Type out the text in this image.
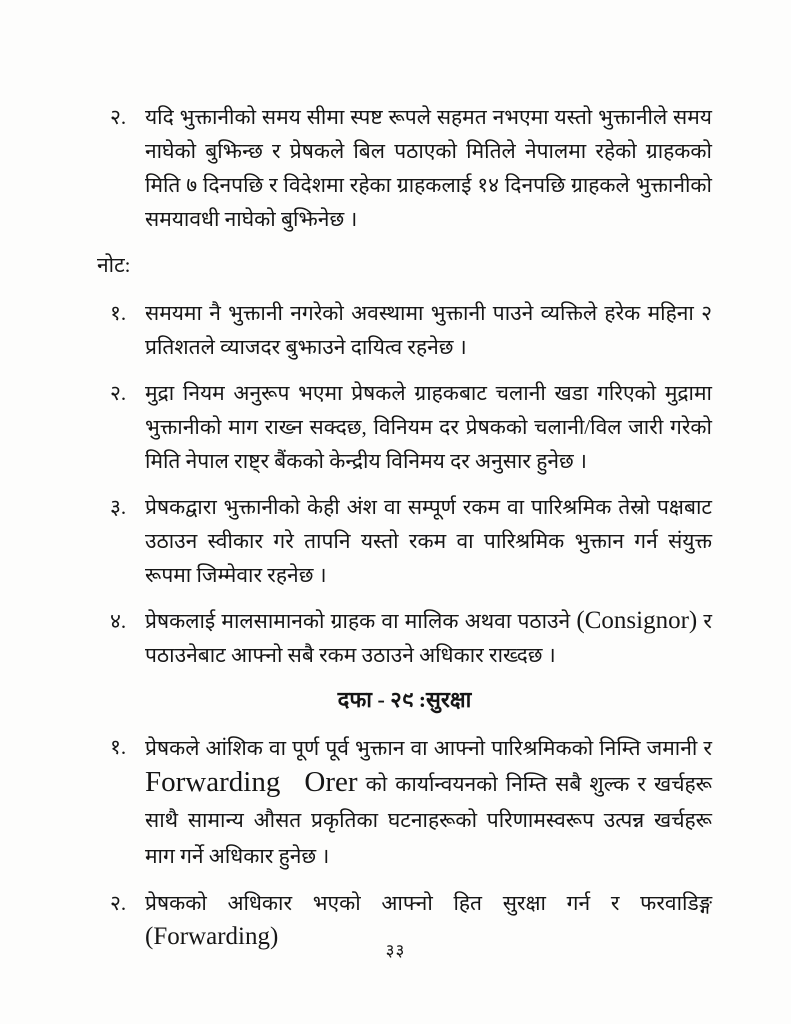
२. यदि भुक्तानीको समय सीमा स्पष्ट रूपले सहमत नभएमा यस्तो भुक्तानीले समय नाघेको बुझिन्छ र प्रेषकले बिल पठाएको मितिले नेपालमा रहेको ग्राहकको मिति ७ दिनपछि र विदेशमा रहेका ग्राहकलाई १४ दिनपछि ग्राहकले भुक्तानीको समयावधी नाघेको बुझिनेछ ।
नोट:
१. समयमा नै भुक्तानी नगरेको अवस्थामा भुक्तानी पाउने व्यक्तिले हरेक महिना २ प्रतिशतले व्याजदर बुझाउने दायित्व रहनेछ ।
२. मुद्रा नियम अनुरूप भएमा प्रेषकले ग्राहकबाट चलानी खडा गरिएको मुद्रामा भुक्तानीको माग राख्न सक्दछ, विनियम दर प्रेषकको चलानी/विल जारी गरेको मिति नेपाल राष्ट्र बैंकको केन्द्रीय विनिमय दर अनुसार हुनेछ ।
३. प्रेषकद्वारा भुक्तानीको केही अंश वा सम्पूर्ण रकम वा पारिश्रमिक तेस्रो पक्षबाट उठाउन स्वीकार गरे तापनि यस्तो रकम वा पारिश्रमिक भुक्तान गर्न संयुक्त रूपमा जिम्मेवार रहनेछ ।
४. प्रेषकलाई मालसामानको ग्राहक वा मालिक अथवा पठाउने (Consignor) र पठाउनेबाट आफ्नो सबै रकम उठाउने अधिकार राख्दछ ।
दफा - २९ :सुरक्षा
१. प्रेषकले आंशिक वा पूर्ण पूर्व भुक्तान वा आफ्नो पारिश्रमिकको निम्ति जमानी र Forwarding Orer को कार्यान्वयनको निम्ति सबै शुल्क र खर्चहरू साथै सामान्य औसत प्रकृतिका घटनाहरूको परिणामस्वरूप उत्पन्न खर्चहरू माग गर्ने अधिकार हुनेछ ।
२. प्रेषकको अधिकार भएको आफ्नो हित सुरक्षा गर्न र फरवाडिङ्ग (Forwarding)
३३
